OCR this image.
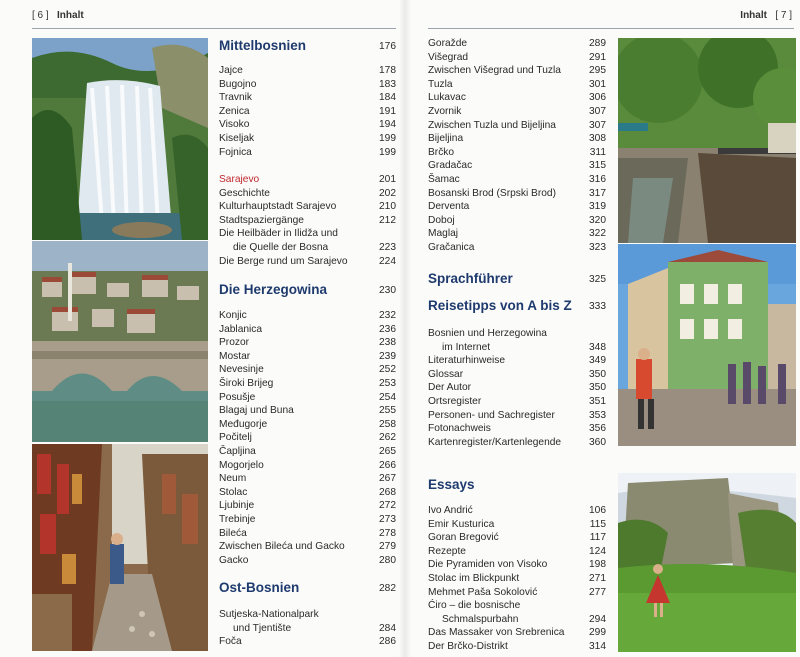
[ 6 ] Inhalt	Inhalt [ 7 ]
Mittelbosnien	176
Jajce	178
Bugojno	183
Travnik	184
Zenica	191
Visoko	194
Kiseljak	199
Fojnica	199
Sarajevo	201
Geschichte	202
Kulturhauptstadt Sarajevo	210
Stadtspaziergänge	212
Die Heilbäder in Ilidža und
die Quelle der Bosna	223
Die Berge rund um Sarajevo	224
Die Herzegowina	230
Konjic	232
Jablanica	236
Prozor	238
Mostar	239
Nevesinje	252
Široki Brijeg	253
Posušje	254
Blagaj und Buna	255
Međugorje	258
Počitelj	262
Čapljina	265
Mogorjelo	266
Neum	267
Stolac	268
Ljubinje	272
Trebinje	273
Bileća	278
Zwischen Bileća und Gacko	279
Gacko	280
Ost-Bosnien	282
Sutjeska-Nationalpark
und Tjentište	284
Foča	286
Goražde	289
Višegrad	291
Zwischen Višegrad und Tuzla	295
Tuzla	301
Lukavac	306
Zvornik	307
Zwischen Tuzla und Bijeljina	307
Bijeljina	308
Brčko	311
Gradačac	315
Šamac	316
Bosanski Brod (Srpski Brod)	317
Derventa	319
Doboj	320
Maglaj	322
Gračanica	323
Sprachführer	325
Reisetipps von A bis Z	333
Bosnien und Herzegowina
im Internet	348
Literaturhinweise	349
Glossar	350
Der Autor	350
Ortsregister	351
Personen- und Sachregister	353
Fotonachweis	356
Kartenregister/Kartenlegende	360
Essays
Ivo Andrić	106
Emir Kusturica	115
Goran Bregović	117
Rezepte	124
Die Pyramiden von Visoko	198
Stolac im Blickpunkt	271
Mehmet Paša Sokolović	277
Ćiro – die bosnische
Schmalspurbahn	294
Das Massaker von Srebrenica	299
Der Brčko-Distrikt	314
